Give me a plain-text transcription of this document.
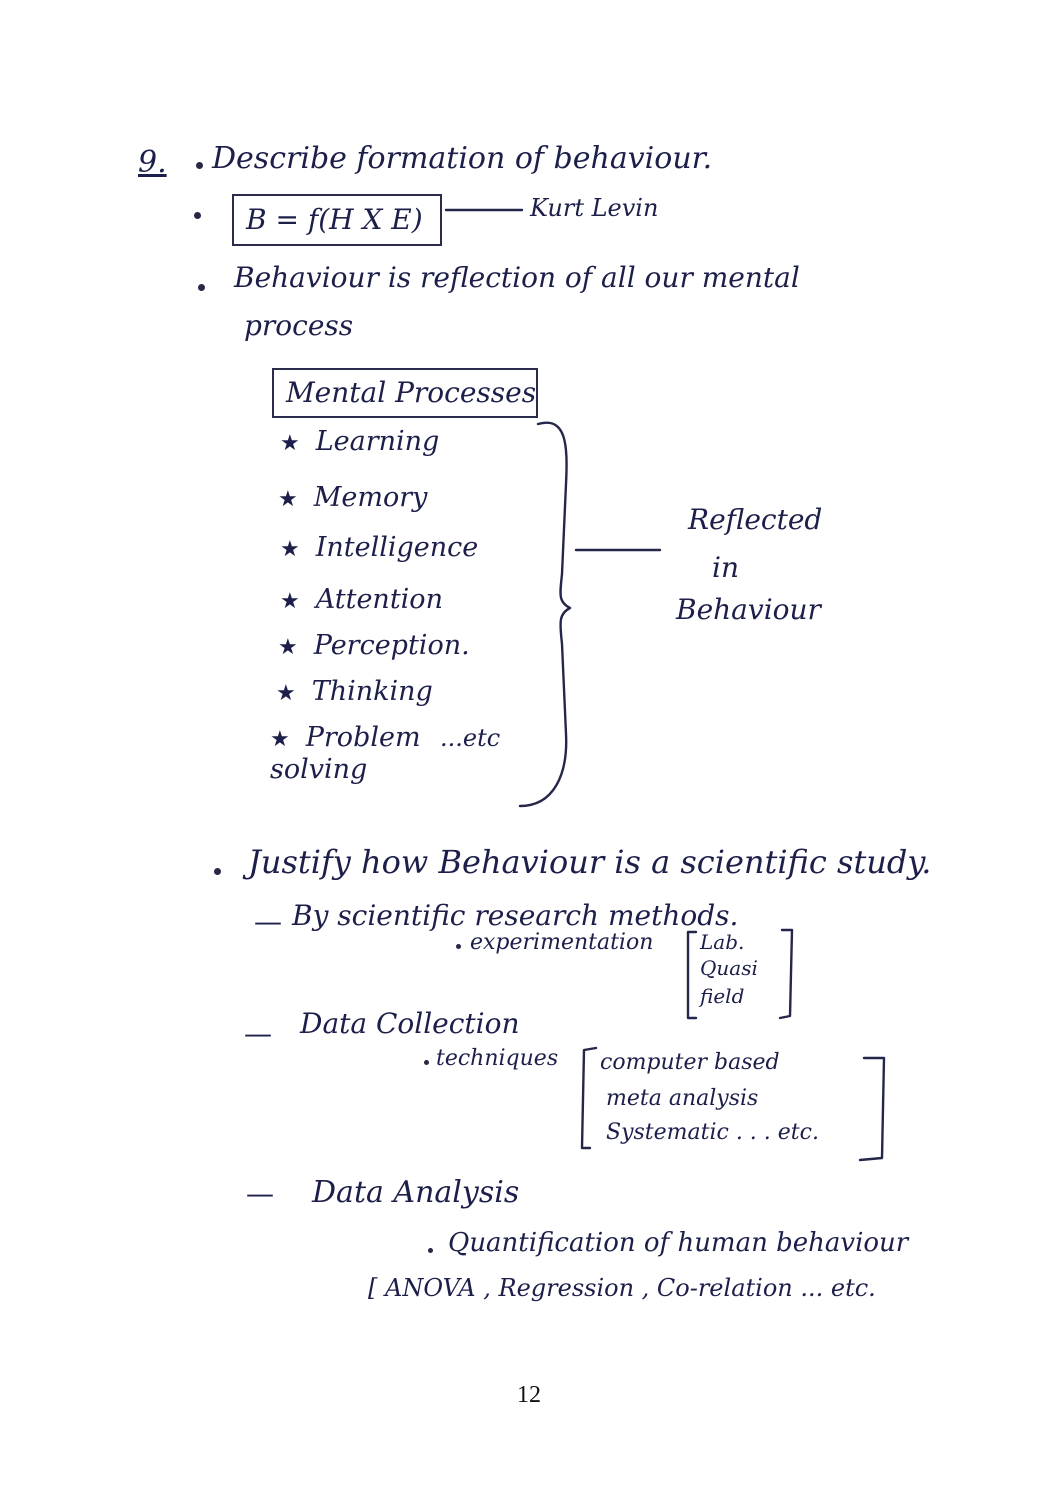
9. Describe formation of behaviour.
B = f(H X E)	Kurt Levin
Behaviour is reflection of all our mental
process
Mental Processes
★ Learning
★ Memory
★ Intelligence
★ Attention
★ Perception.
★ Thinking
★ Problem solving
...etc
Reflected
in
Behaviour
Justify how Behaviour is a scientific study.
— By scientific research methods.
experimentation Lab.
Quasi
field
— Data Collection
techniques computer based
meta analysis
Systematic . . . etc.
— Data Analysis
Quantification of human behaviour
[ ANOVA , Regression , Co-relation ... etc.
12
